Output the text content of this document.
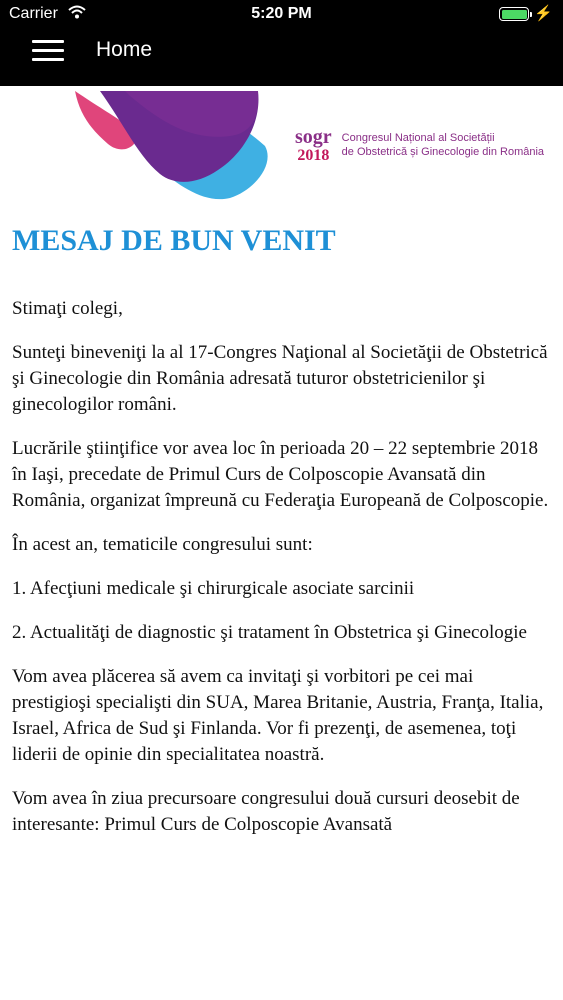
Carrier	5:20 PM	⚡
Home
sogr
2018

Congresul Național al Societății
de Obstetrică și Ginecologie din România
MESAJ DE BUN VENIT

Stimaţi colegi,

Sunteţi bineveniţi la al 17-Congres Naţional al Societăţii de Obstetrică şi Ginecologie din România adresată tuturor obstetricienilor şi ginecologilor români.

Lucrările ştiinţifice vor avea loc în perioada 20 – 22 septembrie 2018 în Iaşi, precedate de Primul Curs de Colposcopie Avansată din România, organizat împreună cu Federaţia Europeană de Colposcopie.

În acest an, tematicile congresului sunt:

1. Afecţiuni medicale şi chirurgicale asociate sarcinii

2. Actualităţi de diagnostic şi tratament în Obstetrica şi Ginecologie

Vom avea plăcerea să avem ca invitaţi şi vorbitori pe cei mai prestigioşi specialişti din SUA, Marea Britanie, Austria, Franţa, Italia, Israel, Africa de Sud şi Finlanda. Vor fi prezenţi, de asemenea, toţi liderii de opinie din specialitatea noastră.

Vom avea în ziua precursoare congresului două cursuri deosebit de interesante: Primul Curs de Colposcopie Avansată
